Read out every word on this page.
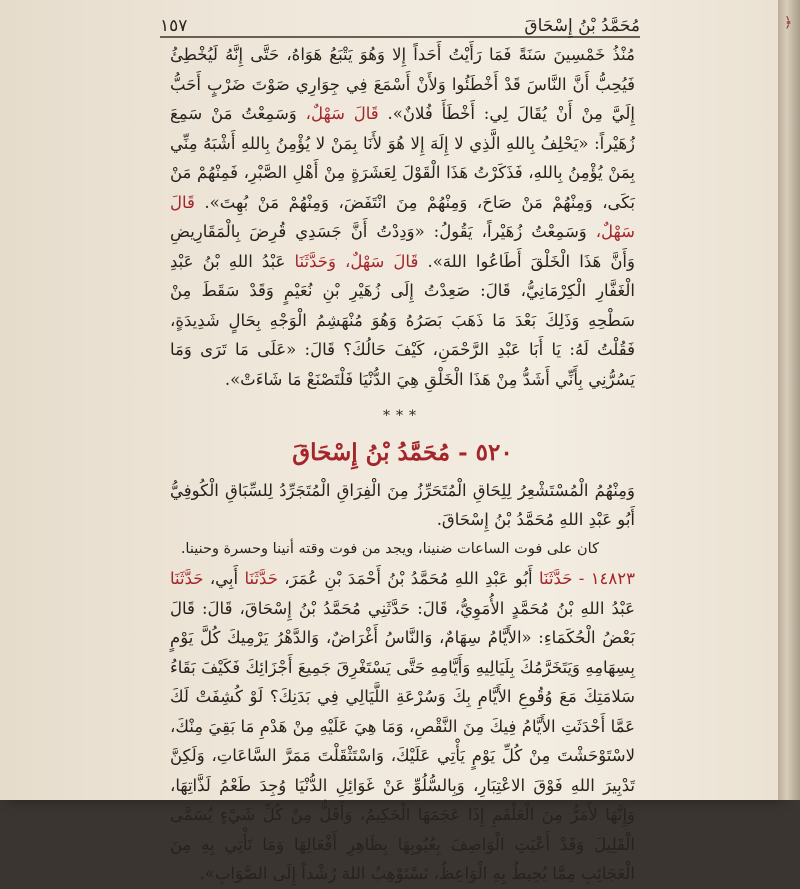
مُحَمَّدُ بْنُ إِسْحَاقَ
١٥٧

مُنْذُ خَمْسِينَ سَنَةً فَمَا رَأَيْتُ أَحَداً إِلا وَهُوَ يَتْبَعُ هَوَاهُ، حَتَّى إِنَّهُ لَيُخْطِئُ فَيُحِبُّ أَنَّ النَّاسَ قَدْ أَخْطَئُوا وَلأَنْ أَسْمَعَ فِي جِوَارِي صَوْتَ ضَرْبٍ أَحَبُّ إِلَيَّ مِنْ أَنْ يُقَالَ لِي: أَخْطَأَ فُلانٌ». قَالَ سَهْلٌ، وَسَمِعْتُ مَنْ سَمِعَ زُهَيْراً: «يَحْلِفُ بِاللهِ الَّذِي لا إِلَهَ إِلا هُوَ لأَنَا بِمَنْ لا يُؤْمِنُ بِاللهِ أَشْبَهُ مِنِّي بِمَنْ يُؤْمِنُ بِاللهِ، فَذَكَرْتُ هَذَا الْقَوْلَ لِعَشَرَةٍ مِنْ أَهْلِ الصَّبْرِ، فَمِنْهُمْ مَنْ بَكَى، وَمِنْهُمْ مَنْ صَاحَ، وَمِنْهُمْ مِنَ انْتَفَضَ، وَمِنْهُمْ مَنْ بُهِتَ». قَالَ سَهْلٌ، وَسَمِعْتُ زُهَيْراً، يَقُولُ: «وَدِدْتُ أَنَّ جَسَدِي قُرِضَ بِالْمَقَارِيضِ وَأَنَّ هَذَا الْخَلْقَ أَطَاعُوا اللهَ». قَالَ سَهْلٌ، وَحَدَّثَنَا عَبْدُ اللهِ بْنُ عَبْدِ الْغَفَّارِ الْكِرْمَانِيُّ، قَالَ: صَعِدْتُ إِلَى زُهَيْرِ بْنِ نُعَيْمٍ وَقَدْ سَقَطَ مِنْ سَطْحِهِ وَذَلِكَ بَعْدَ مَا ذَهَبَ بَصَرُهُ وَهُوَ مُنْهَشِمُ الْوَجْهِ بِحَالٍ شَدِيدَةٍ، فَقُلْتُ لَهُ: يَا أَبَا عَبْدِ الرَّحْمَنِ، كَيْفَ حَالُكَ؟ قَالَ: «عَلَى مَا تَرَى وَمَا يَسُرُّنِي بِأَنِّي أَشَدُّ مِنْ هَذَا الْخَلْقِ هِيَ الدُّنْيَا فَلْتَصْنَعْ مَا شَاءَتْ».

***
٥٢٠ - مُحَمَّدُ بْنُ إِسْحَاقَ

وَمِنْهُمُ الْمُسْتَشْعِرُ لِلِحَاقِ الْمُتَحَرِّزُ مِنَ الْفِرَاقِ الْمُتَجَرِّدُ لِلسِّبَاقِ الْكُوفِيُّ أَبُو عَبْدِ اللهِ مُحَمَّدُ بْنُ إِسْحَاقَ.

كان على فوت الساعات ضنينا، ويجد من فوت وقته أنينا وحسرة وحنينا.

١٤٨٢٣ - حَدَّثَنَا أَبُو عَبْدِ اللهِ مُحَمَّدُ بْنُ أَحْمَدَ بْنِ عُمَرَ، حَدَّثَنَا أَبِي، حَدَّثَنَا عَبْدُ اللهِ بْنُ مُحَمَّدٍ الأُمَوِيُّ، قَالَ: حَدَّثَنِي مُحَمَّدُ بْنُ إِسْحَاقَ، قَالَ: قَالَ بَعْضُ الْحُكَمَاءِ: «الأَيَّامُ سِهَامٌ، وَالنَّاسُ أَغْرَاضٌ، وَالدَّهْرُ يَرْمِيكَ كُلَّ يَوْمٍ بِسِهَامِهِ وَيَتَخَرَّمُكَ بِلَيَالِيهِ وَأَيَّامِهِ حَتَّى يَسْتَغْرِقَ جَمِيعَ أَجْزَائِكَ فَكَيْفَ بَقَاءُ سَلامَتِكَ مَعَ وُقُوعِ الأَيَّامِ بِكَ وَسُرْعَةِ اللَّيَالِي فِي بَدَنِكَ؟ لَوْ كُشِفَتْ لَكَ عَمَّا أَحْدَثَتِ الأَيَّامُ فِيكَ مِنَ النَّقْصِ، وَمَا هِيَ عَلَيْهِ مِنْ هَدْمِ مَا بَقِيَ مِنْكَ، لاسْتَوْحَشْتَ مِنْ كُلِّ يَوْمٍ يَأْتِي عَلَيْكَ، وَاسْتَثْقَلْتَ مَمَرَّ السَّاعَاتِ، وَلَكِنَّ تَدْبِيرَ اللهِ فَوْقَ الاعْتِبَارِ، وَبِالسُّلُوِّ عَنْ غَوَائِلِ الدُّنْيَا وُجِدَ طَعْمُ لَذَّاتِهَا، وَإِنَّهَا لأَمَرُّ مِنَ الْعَلْقَمِ إِذَا عَجَمَهَا الْحَكِيمُ، وَأَقَلُّ مِنْ كُلِّ شَيْءٍ يُسَمَّى الْقَلِيلَ وَقَدْ أَعْيَتِ الْوَاصِفَ بِعُيُوبِهَا بِظَاهِرِ أَفْعَالِهَا وَمَا تَأْتِي بِهِ مِنَ الْعَجَائِبِ مِمَّا يُحِيطُ بِهِ الْوَاعِظُ، نَسْتَوْهِبُ اللهَ رُشْداً إِلَى الصَّوَابِ».

﴿
